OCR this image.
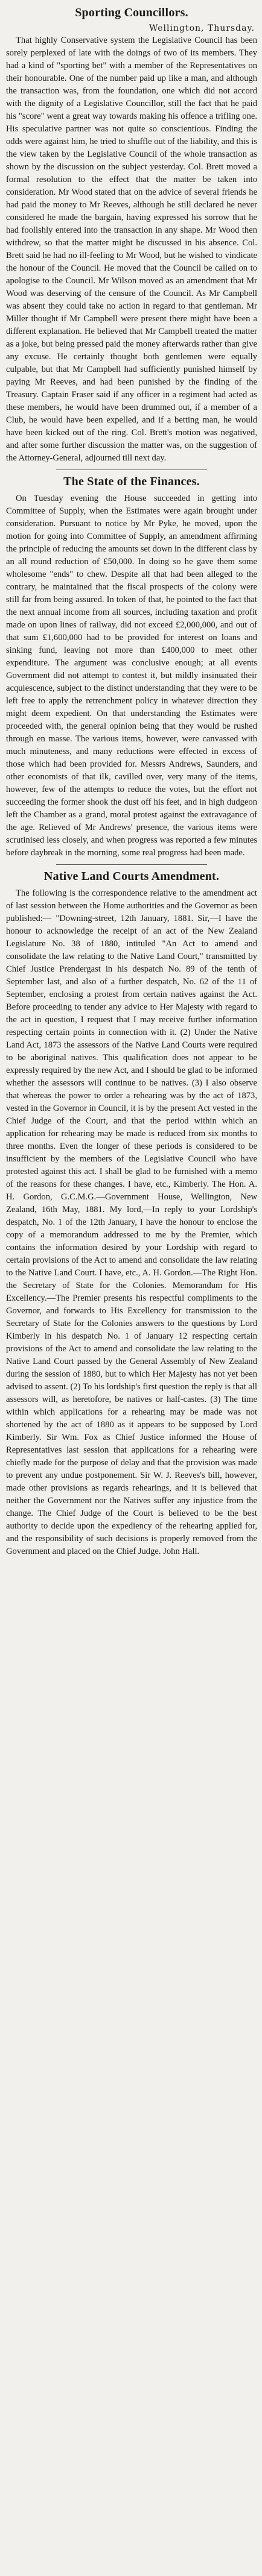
Sporting Councillors.
Wellington, Thursday.

That highly Conservative system the Legislative Council has been sorely perplexed of late with the doings of two of its members. They had a kind of "sporting bet" with a member of the Representatives on their honourable. One of the number paid up like a man, and although the transaction was, from the foundation, one which did not accord with the dignity of a Legislative Councillor, still the fact that he paid his "score" went a great way towards making his offence a trifling one. His speculative partner was not quite so conscientious. Finding the odds were against him, he tried to shuffle out of the liability, and this is the view taken by the Legislative Council of the whole transaction as shown by the discussion on the subject yesterday. Col. Brett moved a formal resolution to the effect that the matter be taken into consideration. Mr Wood stated that on the advice of several friends he had paid the money to Mr Reeves, although he still declared he never considered he made the bargain, having expressed his sorrow that he had foolishly entered into the transaction in any shape. Mr Wood then withdrew, so that the matter might be discussed in his absence. Col. Brett said he had no ill-feeling to Mr Wood, but he wished to vindicate the honour of the Council. He moved that the Council be called on to apologise to the Council. Mr Wilson moved as an amendment that Mr Wood was deserving of the censure of the Council. As Mr Campbell was absent they could take no action in regard to that gentleman. Mr Miller thought if Mr Campbell were present there might have been a different explanation. He believed that Mr Campbell treated the matter as a joke, but being pressed paid the money afterwards rather than give any excuse. He certainly thought both gentlemen were equally culpable, but that Mr Campbell had sufficiently punished himself by paying Mr Reeves, and had been punished by the finding of the Treasury. Captain Fraser said if any officer in a regiment had acted as these members, he would have been drummed out, if a member of a Club, he would have been expelled, and if a betting man, he would have been kicked out of the ring. Col. Brett's motion was negatived, and after some further discussion the matter was, on the suggestion of the Attorney-General, adjourned till next day.

The State of the Finances.

On Tuesday evening the House succeeded in getting into Committee of Supply, when the Estimates were again brought under consideration. Pursuant to notice by Mr Pyke, he moved, upon the motion for going into Committee of Supply, an amendment affirming the principle of reducing the amounts set down in the different class by an all round reduction of £50,000. In doing so he gave them some wholesome "ends" to chew. Despite all that had been alleged to the contrary, he maintained that the fiscal prospects of the colony were still far from being assured. In token of that, he pointed to the fact that the next annual income from all sources, including taxation and profit made on upon lines of railway, did not exceed £2,000,000, and out of that sum £1,600,000 had to be provided for interest on loans and sinking fund, leaving not more than £400,000 to meet other expenditure. The argument was conclusive enough; at all events Government did not attempt to contest it, but mildly insinuated their acquiescence, subject to the distinct understanding that they were to be left free to apply the retrenchment policy in whatever direction they might deem expedient. On that understanding the Estimates were proceeded with, the general opinion being that they would be rushed through en masse. The various items, however, were canvassed with much minuteness, and many reductions were effected in excess of those which had been provided for. Messrs Andrews, Saunders, and other economists of that ilk, cavilled over, very many of the items, however, few of the attempts to reduce the votes, but the effort not succeeding the former shook the dust off his feet, and in high dudgeon left the Chamber as a grand, moral protest against the extravagance of the age. Relieved of Mr Andrews' presence, the various items were scrutinised less closely, and when progress was reported a few minutes before daybreak in the morning, some real progress had been made.

Native Land Courts Amendment.

The following is the correspondence relative to the amendment act of last session between the Home authorities and the Governor as been published:— "Downing-street, 12th January, 1881. Sir,—I have the honour to acknowledge the receipt of an act of the New Zealand Legislature No. 38 of 1880, intituled "An Act to amend and consolidate the law relating to the Native Land Court," transmitted by Chief Justice Prendergast in his despatch No. 89 of the tenth of September last, and also of a further despatch, No. 62 of the 11 of September, enclosing a protest from certain natives against the Act. Before proceeding to tender any advice to Her Majesty with regard to the act in question, I request that I may receive further information respecting certain points in connection with it. (2) Under the Native Land Act, 1873 the assessors of the Native Land Courts were required to be aboriginal natives. This qualification does not appear to be expressly required by the new Act, and I should be glad to be informed whether the assessors will continue to be natives. (3) I also observe that whereas the power to order a rehearing was by the act of 1873, vested in the Governor in Council, it is by the present Act vested in the Chief Judge of the Court, and that the period within which an application for rehearing may be made is reduced from six months to three months. Even the longer of these periods is considered to be insufficient by the members of the Legislative Council who have protested against this act. I shall be glad to be furnished with a memo of the reasons for these changes. I have, etc., Kimberly. The Hon. A. H. Gordon, G.C.M.G.—Government House, Wellington, New Zealand, 16th May, 1881. My lord,—In reply to your Lordship's despatch, No. 1 of the 12th January, I have the honour to enclose the copy of a memorandum addressed to me by the Premier, which contains the information desired by your Lordship with regard to certain provisions of the Act to amend and consolidate the law relating to the Native Land Court. I have, etc., A. H. Gordon.—The Right Hon. the Secretary of State for the Colonies. Memorandum for His Excellency.—The Premier presents his respectful compliments to the Governor, and forwards to His Excellency for transmission to the Secretary of State for the Colonies answers to the questions by Lord Kimberly in his despatch No. 1 of January 12 respecting certain provisions of the Act to amend and consolidate the law relating to the Native Land Court passed by the General Assembly of New Zealand during the session of 1880, but to which Her Majesty has not yet been advised to assent. (2) To his lordship's first question the reply is that all assessors will, as heretofore, be natives or half-castes. (3) The time within which applications for a rehearing may be made was not shortened by the act of 1880 as it appears to be supposed by Lord Kimberly. Sir Wm. Fox as Chief Justice informed the House of Representatives last session that applications for a rehearing were chiefly made for the purpose of delay and that the provision was made to prevent any undue postponement. Sir W. J. Reeves's bill, however, made other provisions as regards rehearings, and it is believed that neither the Government nor the Natives suffer any injustice from the change. The Chief Judge of the Court is believed to be the best authority to decide upon the expediency of the rehearing applied for, and the responsibility of such decisions is properly removed from the Government and placed on the Chief Judge. John Hall.
